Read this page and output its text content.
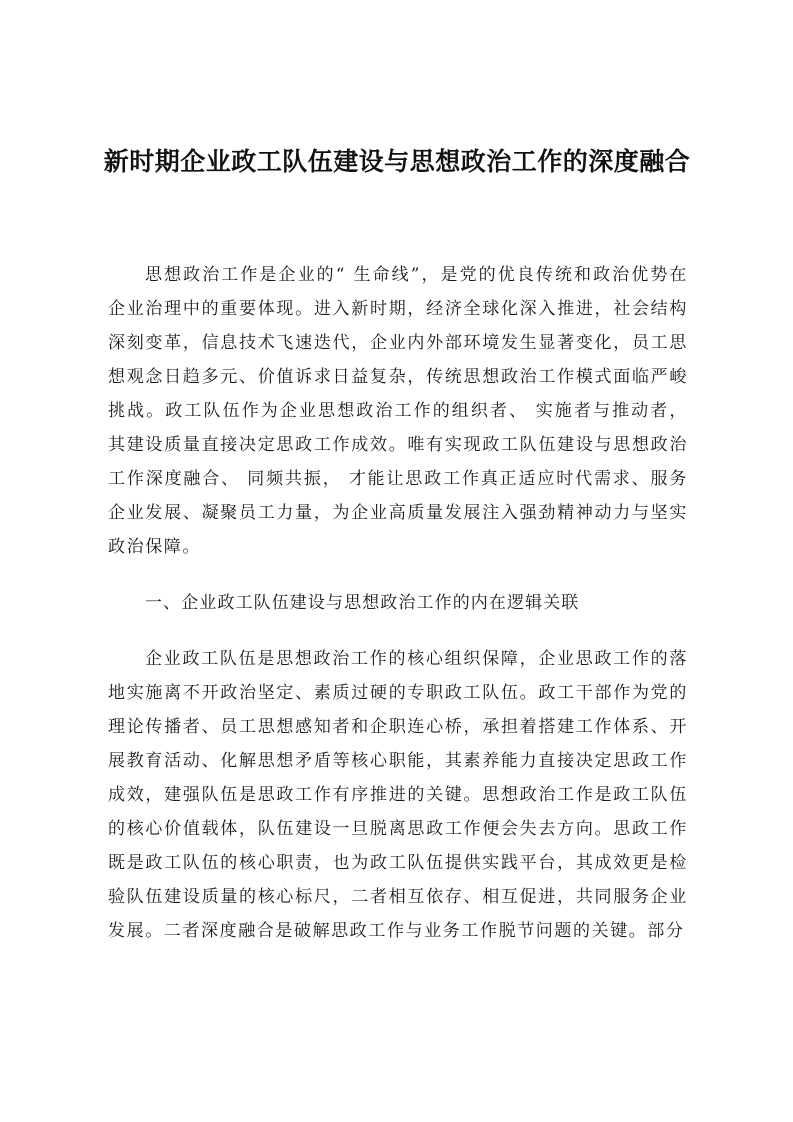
新时期企业政工队伍建设与思想政治工作的深度融合

思想政治工作是企业的“ 生命线”，是党的优良传统和政治优势在企业治理中的重要体现。进入新时期，经济全球化深入推进，社会结构深刻变革，信息技术飞速迭代，企业内外部环境发生显著变化，员工思想观念日趋多元、价值诉求日益复杂，传统思想政治工作模式面临严峻挑战。政工队伍作为企业思想政治工作的组织者、 实施者与推动者，其建设质量直接决定思政工作成效。唯有实现政工队伍建设与思想政治工作深度融合、 同频共振， 才能让思政工作真正适应时代需求、服务企业发展、凝聚员工力量，为企业高质量发展注入强劲精神动力与坚实政治保障。

一、企业政工队伍建设与思想政治工作的内在逻辑关联

企业政工队伍是思想政治工作的核心组织保障，企业思政工作的落地实施离不开政治坚定、素质过硬的专职政工队伍。政工干部作为党的理论传播者、员工思想感知者和企职连心桥，承担着搭建工作体系、开展教育活动、化解思想矛盾等核心职能，其素养能力直接决定思政工作成效，建强队伍是思政工作有序推进的关键。思想政治工作是政工队伍的核心价值载体，队伍建设一旦脱离思政工作便会失去方向。思政工作既是政工队伍的核心职责，也为政工队伍提供实践平台，其成效更是检验队伍建设质量的核心标尺，二者相互依存、相互促进，共同服务企业发展。二者深度融合是破解思政工作与业务工作脱节问题的关键。部分
